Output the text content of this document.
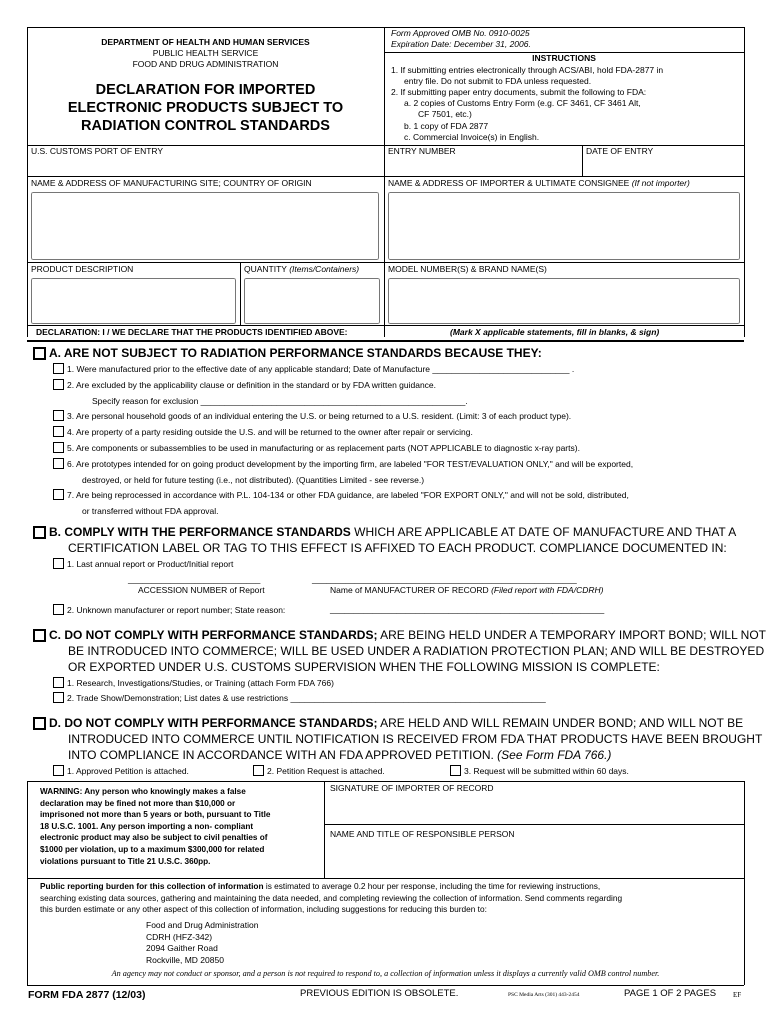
DEPARTMENT OF HEALTH AND HUMAN SERVICES
PUBLIC HEALTH SERVICE
FOOD AND DRUG ADMINISTRATION
DECLARATION FOR IMPORTED
ELECTRONIC PRODUCTS SUBJECT TO
RADIATION CONTROL STANDARDS
Form Approved OMB No. 0910-0025
Expiration Date: December 31, 2006.
INSTRUCTIONS
1. If submitting entries electronically through ACS/ABI, hold FDA-2877 in
entry file. Do not submit to FDA unless requested.
2. If submitting paper entry documents, submit the following to FDA:
a. 2 copies of Customs Entry Form (e.g. CF 3461, CF 3461 Alt,
CF 7501, etc.)
b. 1 copy of FDA 2877
c. Commercial Invoice(s) in English.
U.S. CUSTOMS PORT OF ENTRY	ENTRY NUMBER	DATE OF ENTRY
NAME & ADDRESS OF MANUFACTURING SITE; COUNTRY OF ORIGIN	NAME & ADDRESS OF IMPORTER & ULTIMATE CONSIGNEE (If not importer)
PRODUCT DESCRIPTION	QUANTITY (Items/Containers)	MODEL NUMBER(S) & BRAND NAME(S)
DECLARATION: I / WE DECLARE THAT THE PRODUCTS IDENTIFIED ABOVE:	(Mark X applicable statements, fill in blanks, & sign)
A. ARE NOT SUBJECT TO RADIATION PERFORMANCE STANDARDS BECAUSE THEY:
1. Were manufactured prior to the effective date of any applicable standard; Date of Manufacture _____________________________ .
2. Are excluded by the applicability clause or definition in the standard or by FDA written guidance.
Specify reason for exclusion ________________________________________________________.
3. Are personal household goods of an individual entering the U.S. or being returned to a U.S. resident. (Limit: 3 of each product type).
4. Are property of a party residing outside the U.S. and will be returned to the owner after repair or servicing.
5. Are components or subassemblies to be used in manufacturing or as replacement parts (NOT APPLICABLE to diagnostic x-ray parts).
6. Are prototypes intended for on going product development by the importing firm, are labeled "FOR TEST/EVALUATION ONLY," and will be exported,
destroyed, or held for future testing (i.e., not distributed). (Quantities Limited - see reverse.)
7. Are being reprocessed in accordance with P.L. 104-134 or other FDA guidance, are labeled "FOR EXPORT ONLY," and will not be sold, distributed,
or transferred without FDA approval.
B. COMPLY WITH THE PERFORMANCE STANDARDS WHICH ARE APPLICABLE AT DATE OF MANUFACTURE AND THAT A
CERTIFICATION LABEL OR TAG TO THIS EFFECT IS AFFIXED TO EACH PRODUCT. COMPLIANCE DOCUMENTED IN:
1. Last annual report or Product/Initial report
____________________________	________________________________________________________
ACCESSION NUMBER of Report	Name of MANUFACTURER OF RECORD (Filed report with FDA/CDRH)
2. Unknown manufacturer or report number; State reason:	__________________________________________________________
C. DO NOT COMPLY WITH PERFORMANCE STANDARDS; ARE BEING HELD UNDER A TEMPORARY IMPORT BOND; WILL NOT
BE INTRODUCED INTO COMMERCE; WILL BE USED UNDER A RADIATION PROTECTION PLAN; AND WILL BE DESTROYED
OR EXPORTED UNDER U.S. CUSTOMS SUPERVISION WHEN THE FOLLOWING MISSION IS COMPLETE:
1. Research, Investigations/Studies, or Training (attach Form FDA 766)
2. Trade Show/Demonstration; List dates & use restrictions ______________________________________________________
D. DO NOT COMPLY WITH PERFORMANCE STANDARDS; ARE HELD AND WILL REMAIN UNDER BOND; AND WILL NOT BE
INTRODUCED INTO COMMERCE UNTIL NOTIFICATION IS RECEIVED FROM FDA THAT PRODUCTS HAVE BEEN BROUGHT
INTO COMPLIANCE IN ACCORDANCE WITH AN FDA APPROVED PETITION. (See Form FDA 766.)
1. Approved Petition is attached.	2. Petition Request is attached.	3. Request will be submitted within 60 days.
WARNING: Any person who knowingly makes a false
declaration may be fined not more than $10,000 or
imprisoned not more than 5 years or both, pursuant to Title
18 U.S.C. 1001. Any person importing a non- compliant
electronic product may also be subject to civil penalties of
$1000 per violation, up to a maximum $300,000 for related
violations pursuant to Title 21 U.S.C. 360pp.
SIGNATURE OF IMPORTER OF RECORD
NAME AND TITLE OF RESPONSIBLE PERSON
Public reporting burden for this collection of information is estimated to average 0.2 hour per response, including the time for reviewing instructions,
searching existing data sources, gathering and maintaining the data needed, and completing reviewing the collection of information. Send comments regarding
this burden estimate or any other aspect of this collection of information, including suggestions for reducing this burden to:
Food and Drug Administration
CDRH (HFZ-342)
2094 Gaither Road
Rockville, MD 20850
An agency may not conduct or sponsor, and a person is not required to respond to, a collection of information unless it displays a currently valid OMB control number.
FORM FDA 2877 (12/03)	PREVIOUS EDITION IS OBSOLETE.	PSC Media Arts (301) 443-2454	PAGE 1 OF 2 PAGES EF
